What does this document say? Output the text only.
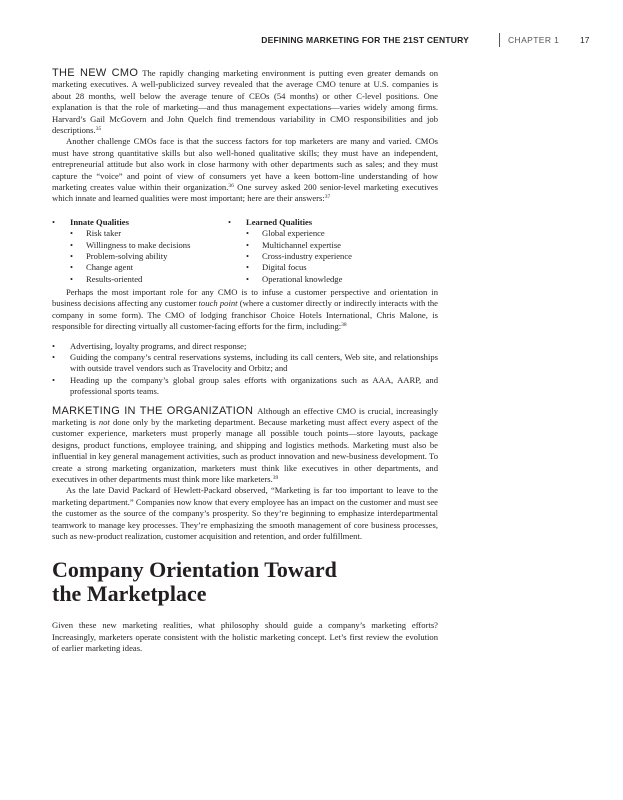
DEFINING MARKETING FOR THE 21ST CENTURY	CHAPTER 1 17

THE NEW CMO The rapidly changing marketing environment is putting even greater demands on marketing executives. A well-publicized survey revealed that the average CMO tenure at U.S. companies is about 28 months, well below the average tenure of CEOs (54 months) or other C-level positions. One explanation is that the role of marketing—and thus management expectations—varies widely among firms. Harvard’s Gail McGovern and John Quelch find tremendous variability in CMO responsibilities and job descriptions.$^{35}$

Another challenge CMOs face is that the success factors for top marketers are many and varied. CMOs must have strong quantitative skills but also well-honed qualitative skills; they must have an independent, entrepreneurial attitude but also work in close harmony with other departments such as sales; and they must capture the “voice” and point of view of consumers yet have a keen bottom-line understanding of how marketing creates value within their organization.$^{36}$ One survey asked 200 senior-level marketing executives which innate and learned qualities were most important; here are their answers:$^{37}$

• Innate Qualities
• Risk taker
• Willingness to make decisions
• Problem-solving ability
• Change agent
• Results-oriented
• Learned Qualities
• Global experience
• Multichannel expertise
• Cross-industry experience
• Digital focus
• Operational knowledge

Perhaps the most important role for any CMO is to infuse a customer perspective and orientation in business decisions affecting any customer touch point (where a customer directly or indirectly interacts with the company in some form). The CMO of lodging franchisor Choice Hotels International, Chris Malone, is responsible for directing virtually all customer-facing efforts for the firm, including:$^{38}$

• Advertising, loyalty programs, and direct response;
• Guiding the company’s central reservations systems, including its call centers, Web site, and relationships with outside travel vendors such as Travelocity and Orbitz; and
• Heading up the company’s global group sales efforts with organizations such as AAA, AARP, and professional sports teams.

MARKETING IN THE ORGANIZATION Although an effective CMO is crucial, increasingly marketing is not done only by the marketing department. Because marketing must affect every aspect of the customer experience, marketers must properly manage all possible touch points—store layouts, package designs, product functions, employee training, and shipping and logistics methods. Marketing must also be influential in key general management activities, such as product innovation and new-business development. To create a strong marketing organization, marketers must think like executives in other departments, and executives in other departments must think more like marketers.$^{39}$

As the late David Packard of Hewlett-Packard observed, “Marketing is far too important to leave to the marketing department.” Companies now know that every employee has an impact on the customer and must see the customer as the source of the company’s prosperity. So they’re beginning to emphasize interdepartmental teamwork to manage key processes. They’re emphasizing the smooth management of core business processes, such as new-product realization, customer acquisition and retention, and order fulfillment.

Company Orientation Toward
the Marketplace

Given these new marketing realities, what philosophy should guide a company’s marketing efforts? Increasingly, marketers operate consistent with the holistic marketing concept. Let’s first review the evolution of earlier marketing ideas.
